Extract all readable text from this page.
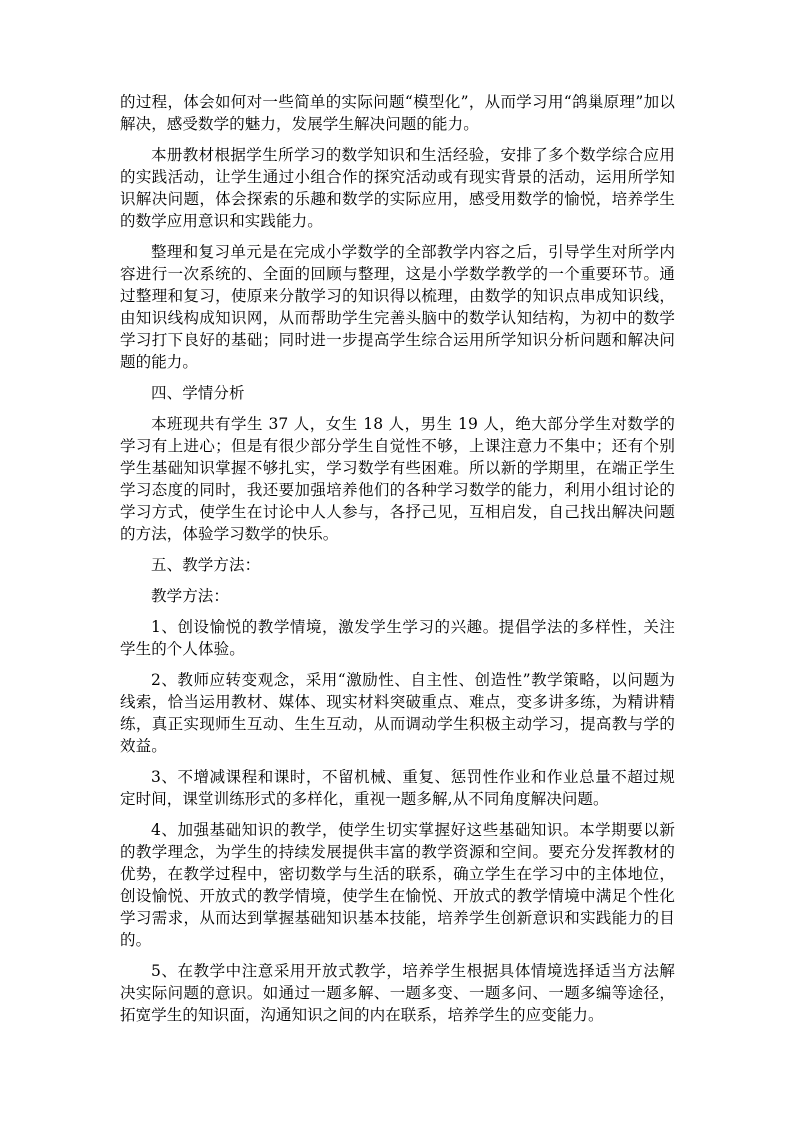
的过程，体会如何对一些简单的实际问题“模型化”，从而学习用“鸽巢原理”加以解决，感受数学的魅力，发展学生解决问题的能力。

本册教材根据学生所学习的数学知识和生活经验，安排了多个数学综合应用的实践活动，让学生通过小组合作的探究活动或有现实背景的活动，运用所学知识解决问题，体会探索的乐趣和数学的实际应用，感受用数学的愉悦，培养学生的数学应用意识和实践能力。

整理和复习单元是在完成小学数学的全部教学内容之后，引导学生对所学内容进行一次系统的、全面的回顾与整理，这是小学数学教学的一个重要环节。通过整理和复习，使原来分散学习的知识得以梳理，由数学的知识点串成知识线，由知识线构成知识网，从而帮助学生完善头脑中的数学认知结构，为初中的数学学习打下良好的基础；同时进一步提高学生综合运用所学知识分析问题和解决问题的能力。

四、学情分析

本班现共有学生 37 人，女生 18 人，男生 19 人，绝大部分学生对数学的学习有上进心；但是有很少部分学生自觉性不够，上课注意力不集中；还有个别学生基础知识掌握不够扎实，学习数学有些困难。所以新的学期里，在端正学生学习态度的同时，我还要加强培养他们的各种学习数学的能力，利用小组讨论的学习方式，使学生在讨论中人人参与，各抒己见，互相启发，自己找出解决问题的方法，体验学习数学的快乐。

五、教学方法：

教学方法：

1、创设愉悦的教学情境，激发学生学习的兴趣。提倡学法的多样性，关注学生的个人体验。

2、教师应转变观念，采用“激励性、自主性、创造性”教学策略，以问题为线索，恰当运用教材、媒体、现实材料突破重点、难点，变多讲多练，为精讲精练，真正实现师生互动、生生互动，从而调动学生积极主动学习，提高教与学的效益。

3、不增减课程和课时，不留机械、重复、惩罚性作业和作业总量不超过规定时间，课堂训练形式的多样化，重视一题多解,从不同角度解决问题。

4、加强基础知识的教学，使学生切实掌握好这些基础知识。本学期要以新的教学理念，为学生的持续发展提供丰富的教学资源和空间。要充分发挥教材的优势，在教学过程中，密切数学与生活的联系，确立学生在学习中的主体地位，创设愉悦、开放式的教学情境，使学生在愉悦、开放式的教学情境中满足个性化学习需求，从而达到掌握基础知识基本技能，培养学生创新意识和实践能力的目的。

5、在教学中注意采用开放式教学，培养学生根据具体情境选择适当方法解决实际问题的意识。如通过一题多解、一题多变、一题多问、一题多编等途径，拓宽学生的知识面，沟通知识之间的内在联系，培养学生的应变能力。
